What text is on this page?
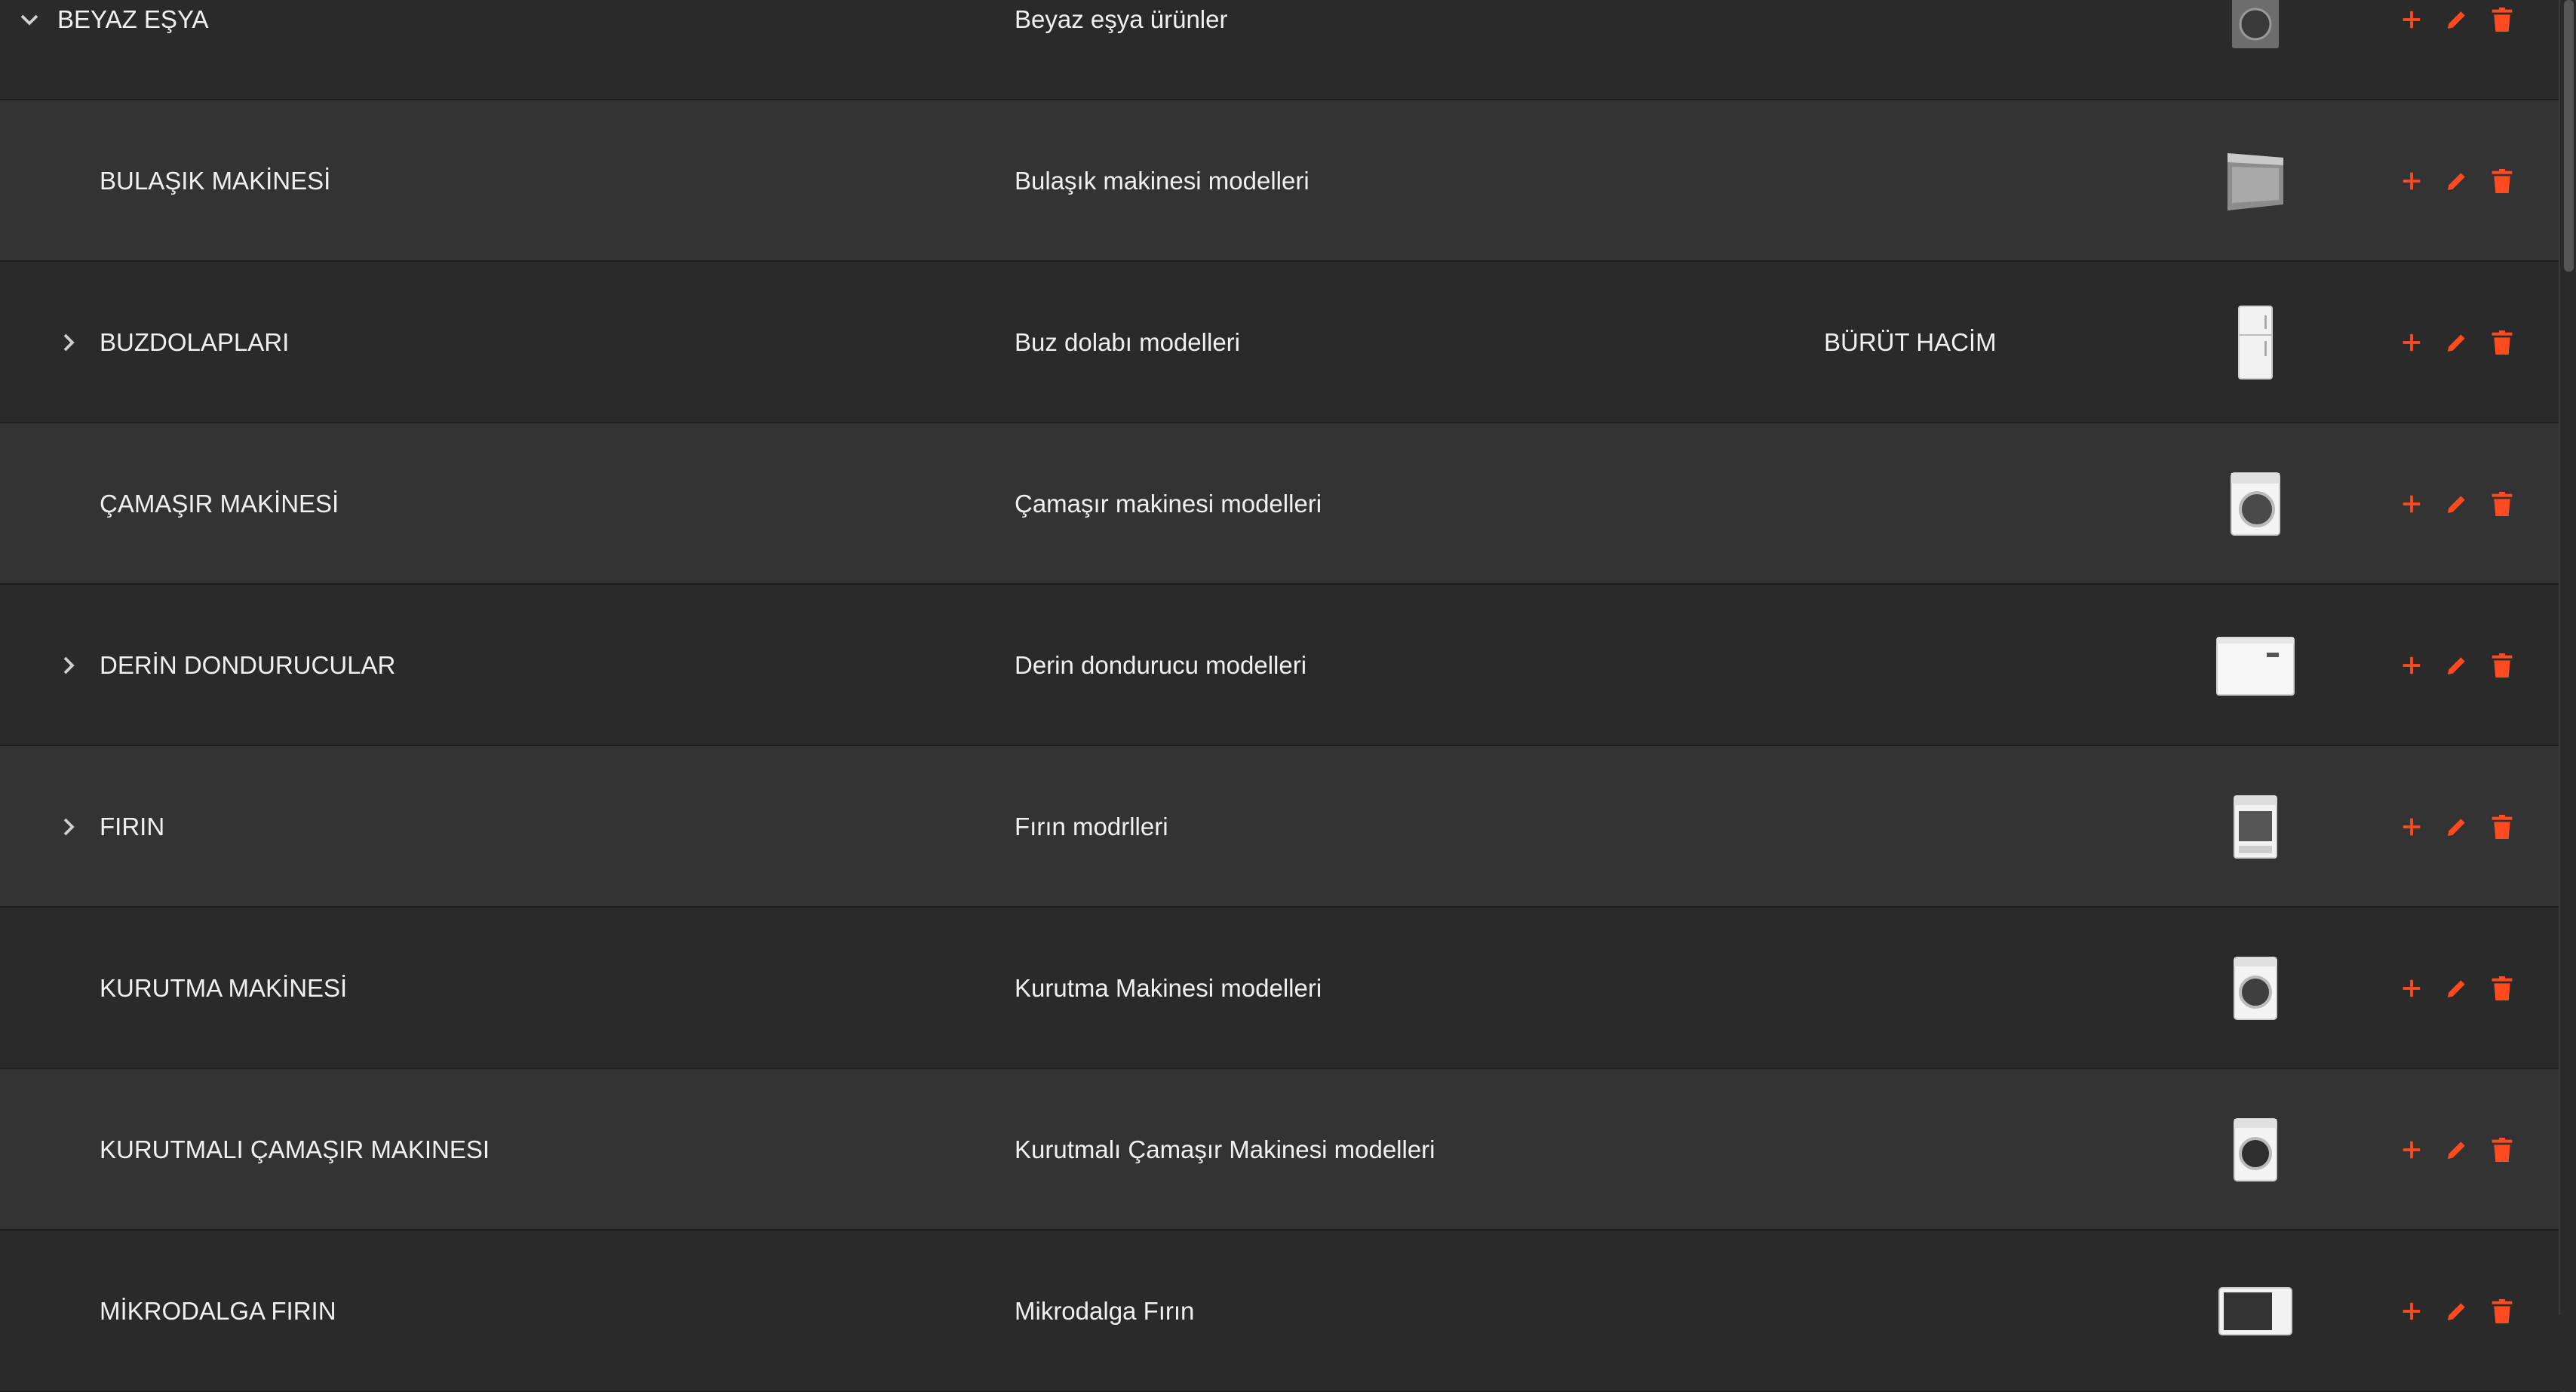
BEYAZ EŞYA	Beyaz eşya ürünler
BULAŞIK MAKİNESİ	Bulaşık makinesi modelleri
BUZDOLAPLARI	Buz dolabı modelleri	BÜRÜT HACİM
ÇAMAŞIR MAKİNESİ	Çamaşır makinesi modelleri
DERİN DONDURUCULAR	Derin dondurucu modelleri
FIRIN	Fırın modrlleri
KURUTMA MAKİNESİ	Kurutma Makinesi modelleri
KURUTMALI ÇAMAŞIR MAKINESI	Kurutmalı Çamaşır Makinesi modelleri
MİKRODALGA FIRIN	Mikrodalga Fırın
